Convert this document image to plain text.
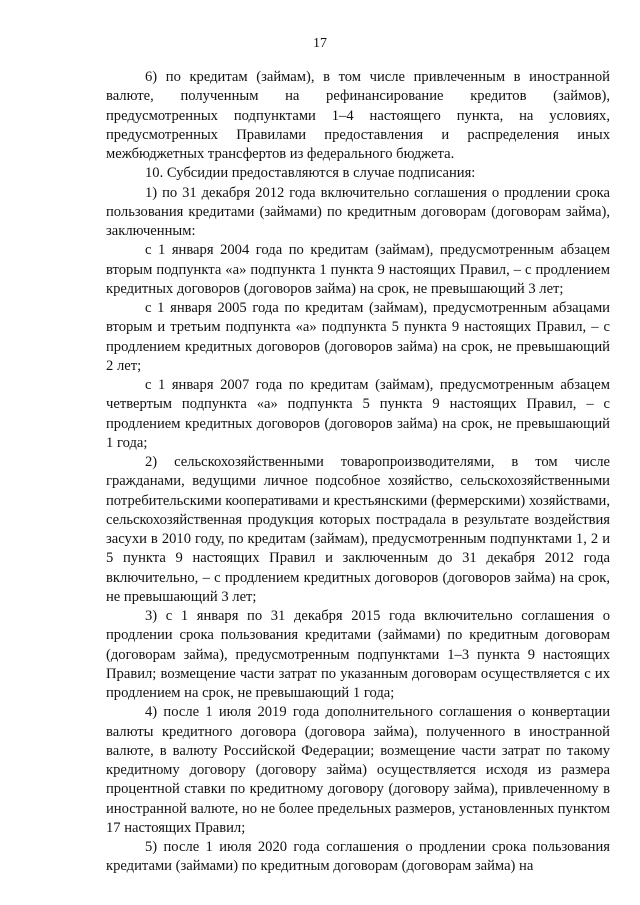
17

6) по кредитам (займам), в том числе привлеченным в иностранной валюте, полученным на рефинансирование кредитов (займов), предусмотренных подпунктами 1–4 настоящего пункта, на условиях, предусмотренных Правилами предоставления и распределения иных межбюджетных трансфертов из федерального бюджета.

10. Субсидии предоставляются в случае подписания:

1) по 31 декабря 2012 года включительно соглашения о продлении срока пользования кредитами (займами) по кредитным договорам (договорам займа), заключенным:

с 1 января 2004 года по кредитам (займам), предусмотренным абзацем вторым подпункта «а» подпункта 1 пункта 9 настоящих Правил, – с продлением кредитных договоров (договоров займа) на срок, не превышающий 3 лет;

с 1 января 2005 года по кредитам (займам), предусмотренным абзацами вторым и третьим подпункта «а» подпункта 5 пункта 9 настоящих Правил, – с продлением кредитных договоров (договоров займа) на срок, не превышающий 2 лет;

с 1 января 2007 года по кредитам (займам), предусмотренным абзацем четвертым подпункта «а» подпункта 5 пункта 9 настоящих Правил, – с продлением кредитных договоров (договоров займа) на срок, не превышающий 1 года;

2) сельскохозяйственными товаропроизводителями, в том числе гражданами, ведущими личное подсобное хозяйство, сельскохозяйственными потребительскими кооперативами и крестьянскими (фермерскими) хозяйствами, сельскохозяйственная продукция которых пострадала в результате воздействия засухи в 2010 году, по кредитам (займам), предусмотренным подпунктами 1, 2 и 5 пункта 9 настоящих Правил и заключенным до 31 декабря 2012 года включительно, – с продлением кредитных договоров (договоров займа) на срок, не превышающий 3 лет;

3) с 1 января по 31 декабря 2015 года включительно соглашения о продлении срока пользования кредитами (займами) по кредитным договорам (договорам займа), предусмотренным подпунктами 1–3 пункта 9 настоящих Правил; возмещение части затрат по указанным договорам осуществляется с их продлением на срок, не превышающий 1 года;

4) после 1 июля 2019 года дополнительного соглашения о конвертации валюты кредитного договора (договора займа), полученного в иностранной валюте, в валюту Российской Федерации; возмещение части затрат по такому кредитному договору (договору займа) осуществляется исходя из размера процентной ставки по кредитному договору (договору займа), привлеченному в иностранной валюте, но не более предельных размеров, установленных пунктом 17 настоящих Правил;

5) после 1 июля 2020 года соглашения о продлении срока пользования кредитами (займами) по кредитным договорам (договорам займа) на
